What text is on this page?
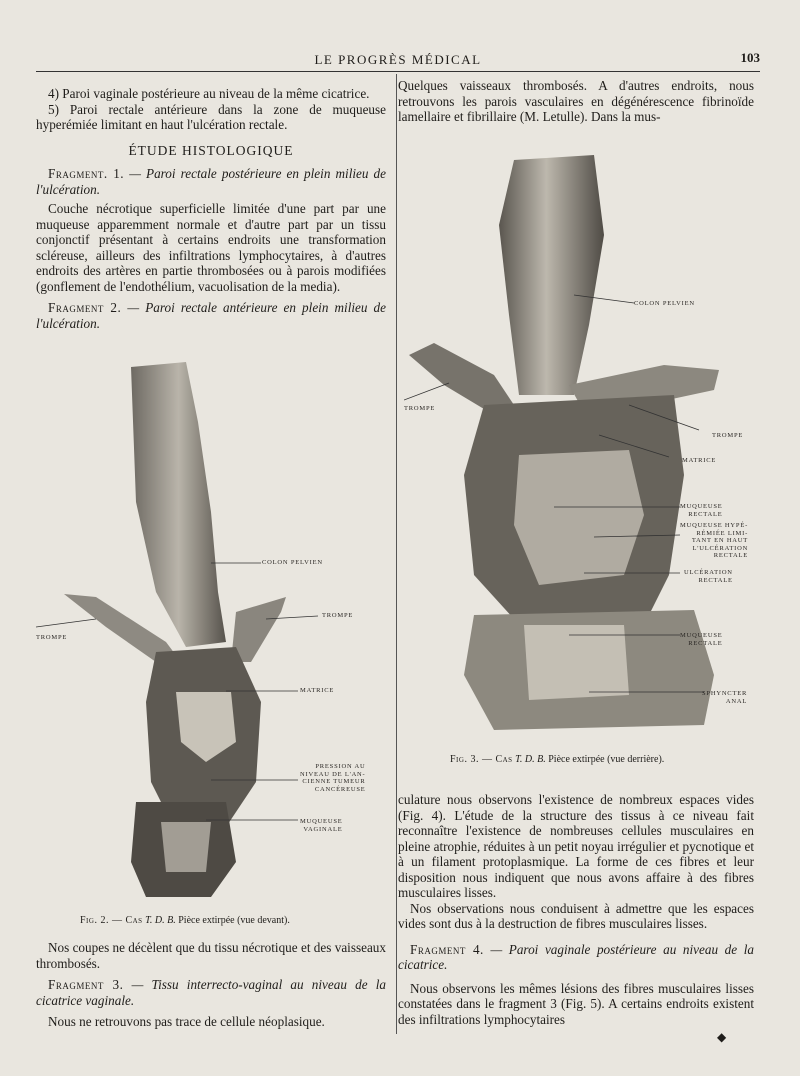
LE PROGRÈS MÉDICAL	103

4) Paroi vaginale postérieure au niveau de la même cicatrice.

5) Paroi rectale antérieure dans la zone de muqueuse hyperémiée limitant en haut l'ulcération rectale.

ÉTUDE HISTOLOGIQUE

Fragment. 1. — Paroi rectale postérieure en plein milieu de l'ulcération.

Couche nécrotique superficielle limitée d'une part par une muqueuse apparemment normale et d'autre part par un tissu conjonctif présentant à certains endroits une transformation scléreuse, ailleurs des infiltrations lymphocytaires, à d'autres endroits des artères en partie thrombosées ou à parois modifiées (gonflement de l'endothélium, vacuolisation de la media).

Fragment 2. — Paroi rectale antérieure en plein milieu de l'ulcération.

COLON PELVIEN
TROMPE
TROMPE
MATRICE
PRESSION AU
NIVEAU DE L'AN-
CIENNE TUMEUR
CANCÉREUSE
MUQUEUSE
VAGINALE
Fig. 2. — Cas T. D. B. Pièce extirpée (vue devant).

Nos coupes ne décèlent que du tissu nécrotique et des vaisseaux thrombosés.

Fragment 3. — Tissu interrecto-vaginal au niveau de la cicatrice vaginale.

Nous ne retrouvons pas trace de cellule néoplasique.

Quelques vaisseaux thrombosés. A d'autres endroits, nous retrouvons les parois vasculaires en dégénérescence fibrinoïde lamellaire et fibrillaire (M. Letulle). Dans la mus-

COLON PELVIEN
TROMPE
TROMPE
MATRICE
MUQUEUSE
RECTALE
MUQUEUSE HYPÉ-
RÉMIÉE LIMI-
TANT EN HAUT
L'ULCÉRATION
RECTALE
ULCÉRATION
RECTALE
MUQUEUSE
RECTALE
SPHYNCTER
ANAL
Fig. 3. — Cas T. D. B. Pièce extirpée (vue derrière).

culature nous observons l'existence de nombreux espaces vides (Fig. 4). L'étude de la structure des tissus à ce niveau fait reconnaître l'existence de nombreuses cellules musculaires en pleine atrophie, réduites à un petit noyau irrégulier et pycnotique et à un filament protoplasmique. La forme de ces fibres et leur disposition nous indiquent que nous avons affaire à des fibres musculaires lisses.

Nos observations nous conduisent à admettre que les espaces vides sont dus à la destruction de fibres musculaires lisses.

Fragment 4. — Paroi vaginale postérieure au niveau de la cicatrice.

Nous observons les mêmes lésions des fibres musculaires lisses constatées dans le fragment 3 (Fig. 5). A certains endroits existent des infiltrations lymphocytaires

◆
